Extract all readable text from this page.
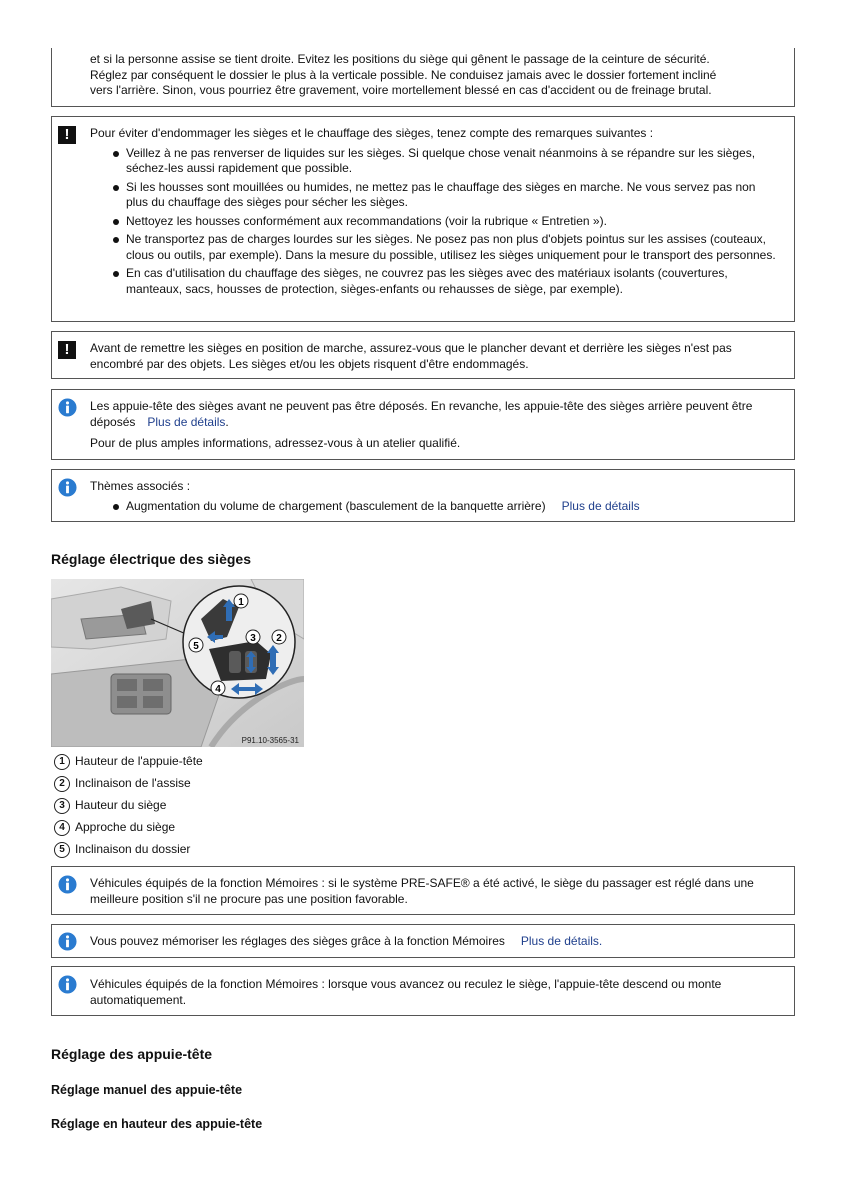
et si la personne assise se tient droite. Evitez les positions du siège qui gênent le passage de la ceinture de sécurité.
Réglez par conséquent le dossier le plus à la verticale possible. Ne conduisez jamais avec le dossier fortement incliné
vers l'arrière. Sinon, vous pourriez être gravement, voire mortellement blessé en cas d'accident ou de freinage brutal.
!	Pour éviter d'endommager les sièges et le chauffage des sièges, tenez compte des remarques suivantes :

Veillez à ne pas renverser de liquides sur les sièges. Si quelque chose venait néanmoins à se répandre sur les sièges, séchez-les aussi rapidement que possible.
Si les housses sont mouillées ou humides, ne mettez pas le chauffage des sièges en marche. Ne vous servez pas non plus du chauffage des sièges pour sécher les sièges.
Nettoyez les housses conformément aux recommandations (voir la rubrique « Entretien »).
Ne transportez pas de charges lourdes sur les sièges. Ne posez pas non plus d'objets pointus sur les assises (couteaux, clous ou outils, par exemple). Dans la mesure du possible, utilisez les sièges uniquement pour le transport des personnes.
En cas d'utilisation du chauffage des sièges, ne couvrez pas les sièges avec des matériaux isolants (couvertures, manteaux, sacs, housses de protection, sièges-enfants ou rehausses de siège, par exemple).
!	Avant de remettre les sièges en position de marche, assurez-vous que le plancher devant et derrière les sièges n'est pas encombré par des objets. Les sièges et/ou les objets risquent d'être endommagés.

Les appuie-tête des sièges avant ne peuvent pas être déposés. En revanche, les appuie-tête des sièges arrière peuvent être déposés Plus de détails.

Pour de plus amples informations, adressez-vous à un atelier qualifié.

Thèmes associés :

Augmentation du volume de chargement (basculement de la banquette arrière) Plus de détails
Réglage électrique des sièges
1
2
3
4
5
P91.10-3565-31
1 Hauteur de l'appuie-tête
2 Inclinaison de l'assise
3 Hauteur du siège
4 Approche du siège
5 Inclinaison du dossier

Véhicules équipés de la fonction Mémoires : si le système PRE-SAFE® a été activé, le siège du passager est réglé dans une meilleure position s'il ne procure pas une position favorable.

Vous pouvez mémoriser les réglages des sièges grâce à la fonction Mémoires Plus de détails.

Véhicules équipés de la fonction Mémoires : lorsque vous avancez ou reculez le siège, l'appuie-tête descend ou monte automatiquement.

Réglage des appuie-tête
Réglage manuel des appuie-tête
Réglage en hauteur des appuie-tête
